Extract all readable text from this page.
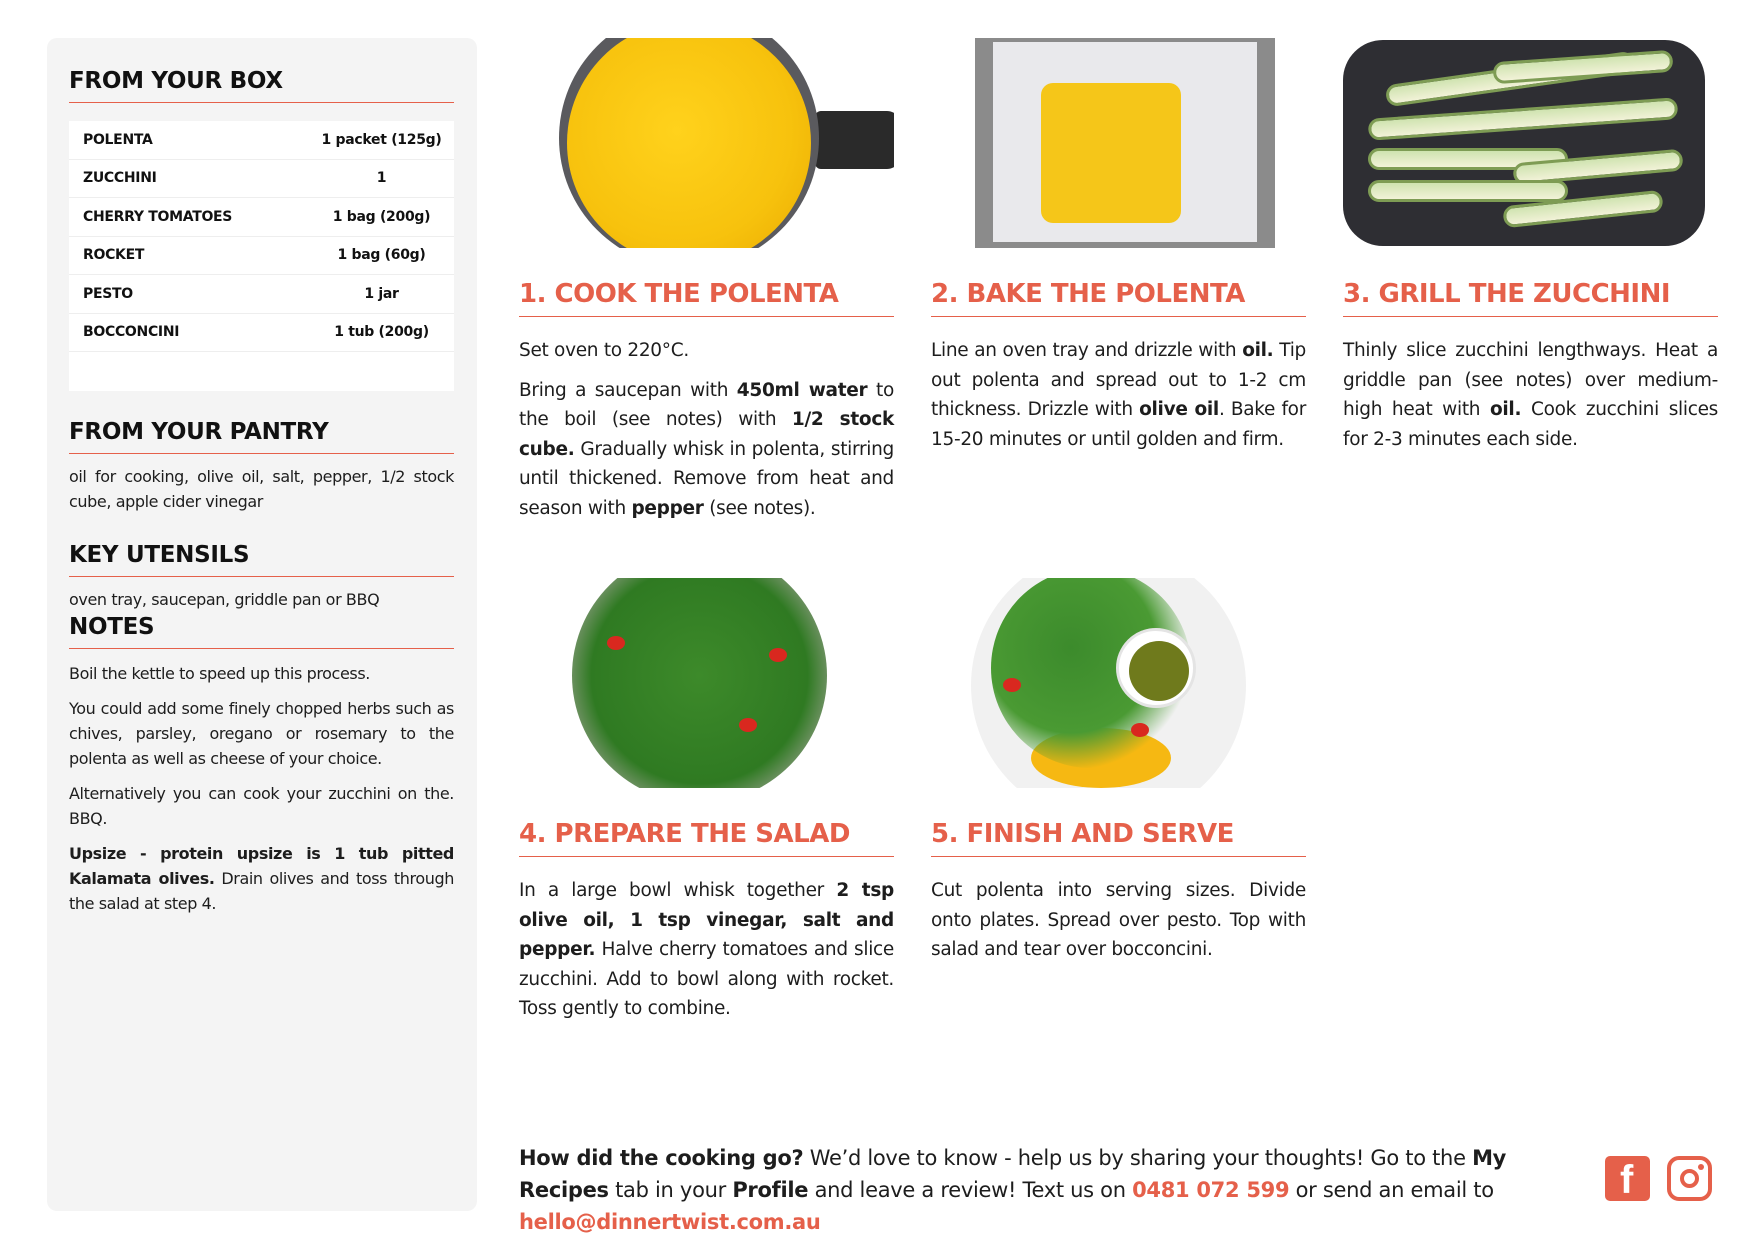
FROM YOUR BOX
POLENTA	1 packet (125g)
ZUCCHINI	1
CHERRY TOMATOES	1 bag (200g)
ROCKET	1 bag (60g)
PESTO	1 jar
BOCCONCINI	1 tub (200g)
FROM YOUR PANTRY
oil for cooking, olive oil, salt, pepper, 1/2 stock cube, apple cider vinegar
KEY UTENSILS
oven tray, saucepan, griddle pan or BBQ
NOTES

Boil the kettle to speed up this process.

You could add some finely chopped herbs such as chives, parsley, oregano or rosemary to the polenta as well as cheese of your choice.

Alternatively you can cook your zucchini on the. BBQ.

Upsize - protein upsize is 1 tub pitted Kalamata olives. Drain olives and toss through the salad at step 4.

1. COOK THE POLENTA

Set oven to 220°C.

Bring a saucepan with 450ml water to the boil (see notes) with 1/2 stock cube. Gradually whisk in polenta, stirring until thickened. Remove from heat and season with pepper (see notes).

2. BAKE THE POLENTA

Line an oven tray and drizzle with oil. Tip out polenta and spread out to 1-2 cm thickness. Drizzle with olive oil. Bake for 15-20 minutes or until golden and firm.

3. GRILL THE ZUCCHINI

Thinly slice zucchini lengthways. Heat a griddle pan (see notes) over medium-high heat with oil. Cook zucchini slices for 2-3 minutes each side.

4. PREPARE THE SALAD

In a large bowl whisk together 2 tsp olive oil, 1 tsp vinegar, salt and pepper. Halve cherry tomatoes and slice zucchini. Add to bowl along with rocket. Toss gently to combine.

5. FINISH AND SERVE

Cut polenta into serving sizes. Divide onto plates. Spread over pesto. Top with salad and tear over bocconcini.

How did the cooking go? We’d love to know - help us by sharing your thoughts! Go to the My Recipes tab in your Profile and leave a review! Text us on 0481 072 599 or send an email to hello@dinnertwist.com.au
f
